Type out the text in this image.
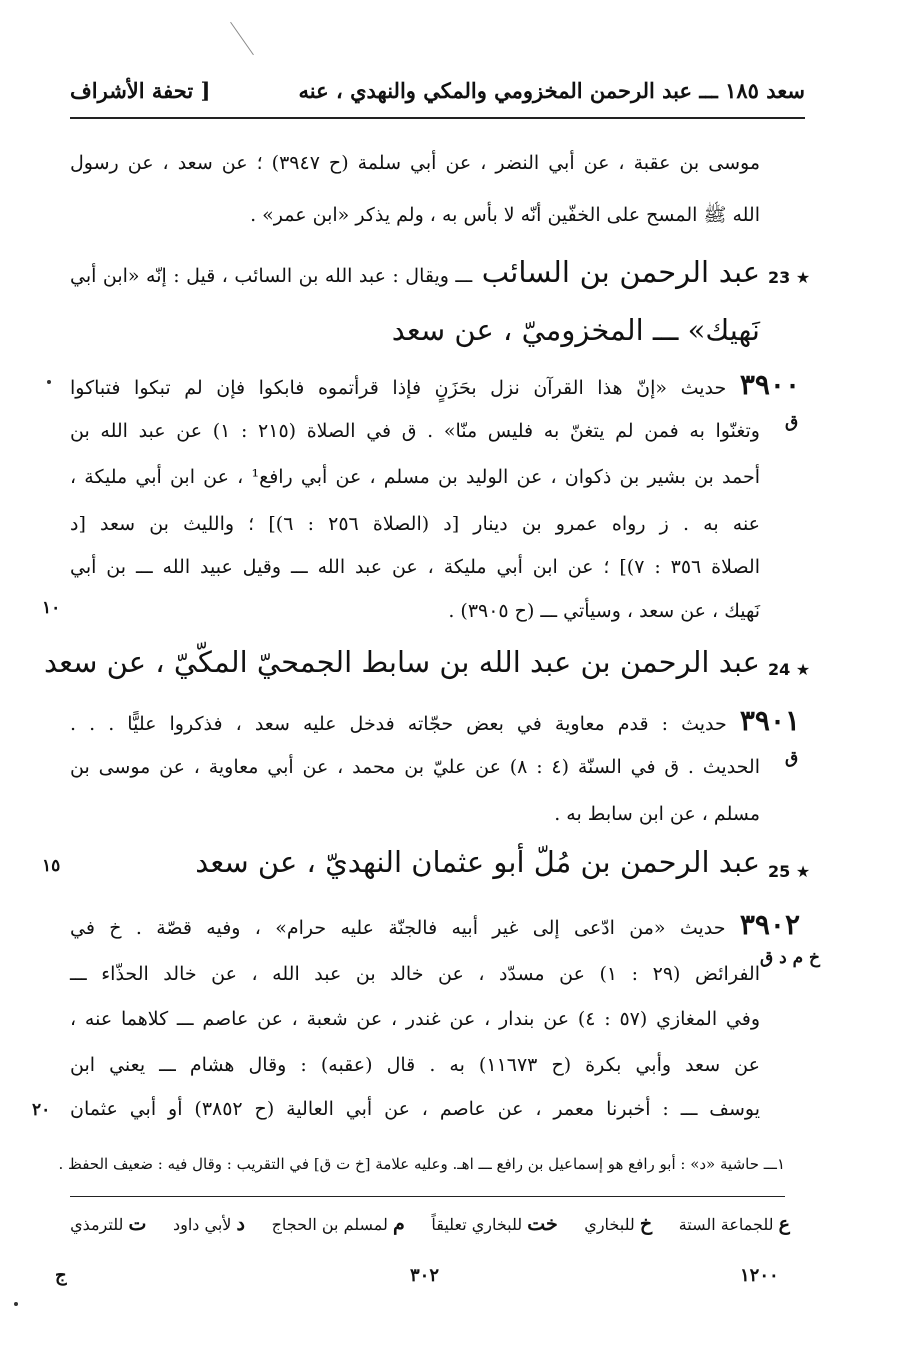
سعد ١٨٥ ـــ عبد الرحمن المخزومي والمكي والنهدي ، عنه
[ تحفة الأشراف
موسى بن عقبة ، عن أبي النضر ، عن أبي سلمة (ح ٣٩٤٧) ؛ عن سعد ، عن رسول
الله ﷺ المسح على الخفّين أنّه لا بأس به ، ولم يذكر «ابن عمر» .
23 ★
عبد الرحمن بن السائب ـــ ويقال : عبد الله بن السائب ، قيل : إنّه «ابن أبي
نَهيك» ـــ المخزوميّ ، عن سعد
ق
٣٩٠٠ حديث «إنّ هذا القرآن نزل بحَزَنٍ فإذا قرأتموه فابكوا فإن لم تبكوا فتباكوا
وتغنّوا به فمن لم يتغنّ به فليس منّا» . ق في الصلاة (٢١٥ : ١) عن عبد الله بن
أحمد بن بشير بن ذكوان ، عن الوليد بن مسلم ، عن أبي رافع¹ ، عن ابن أبي مليكة ،
عنه به . ز رواه عمرو بن دينار [د (الصلاة ٢٥٦ : ٦)] ؛ والليث بن سعد [د
الصلاة ٣٥٦ : ٧)] ؛ عن ابن أبي مليكة ، عن عبد الله ـــ وقيل عبيد الله ـــ بن أبي
نَهيك ، عن سعد ، وسيأتي ـــ (ح ٣٩٠٥) .
١٠
24 ★
عبد الرحمن بن عبد الله بن سابط الجمحيّ المكّيّ ، عن سعد
ق
٣٩٠١ حديث : قدم معاوية في بعض حجّاته فدخل عليه سعد ، فذكروا عليًّا . . .
الحديث . ق في السنّة (٤ : ٨) عن عليّ بن محمد ، عن أبي معاوية ، عن موسى بن
مسلم ، عن ابن سابط به .
25 ★
عبد الرحمن بن مُلّ أبو عثمان النهديّ ، عن سعد
١٥
خ م د ق
٣٩٠٢ حديث «من ادّعى إلى غير أبيه فالجنّة عليه حرام» ، وفيه قصّة . خ في
الفرائض (٢٩ : ١) عن مسدّد ، عن خالد بن عبد الله ، عن خالد الحذّاء ـــ
وفي المغازي (٥٧ : ٤) عن بندار ، عن غندر ، عن شعبة ، عن عاصم ـــ كلاهما عنه ،
عن سعد وأبي بكرة (ح ١١٦٧٣) به . قال (عقبه) : وقال هشام ـــ يعني ابن
يوسف ـــ : أخبرنا معمر ، عن عاصم ، عن أبي العالية (ح ٣٨٥٢) أو أبي عثمان
٢٠
١ـــ حاشية «د» : أبو رافع هو إسماعيل بن رافع ـــ اهـ. وعليه علامة [خ ت ق] في التقريب : وقال فيه : ضعيف الحفظ .
ع للجماعة الستة
خ للبخاري
خت للبخاري تعليقاً
م لمسلم بن الحجاج
د لأبي داود
ت للترمذي
ج	٣٠٢	١٢٠٠
